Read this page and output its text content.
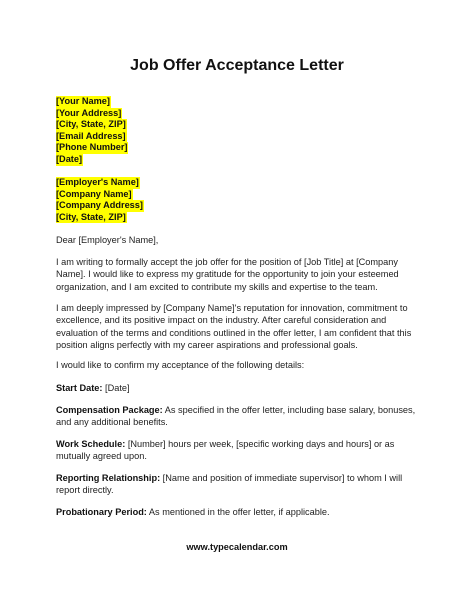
Job Offer Acceptance Letter
[Your Name]
[Your Address]
[City, State, ZIP]
[Email Address]
[Phone Number]
[Date]
[Employer's Name]
[Company Name]
[Company Address]
[City, State, ZIP]
Dear [Employer's Name],
I am writing to formally accept the job offer for the position of [Job Title] at [Company Name]. I would like to express my gratitude for the opportunity to join your esteemed organization, and I am excited to contribute my skills and expertise to the team.
I am deeply impressed by [Company Name]'s reputation for innovation, commitment to excellence, and its positive impact on the industry. After careful consideration and evaluation of the terms and conditions outlined in the offer letter, I am confident that this position aligns perfectly with my career aspirations and professional goals.
I would like to confirm my acceptance of the following details:
Start Date: [Date]
Compensation Package: As specified in the offer letter, including base salary, bonuses, and any additional benefits.
Work Schedule: [Number] hours per week, [specific working days and hours] or as mutually agreed upon.
Reporting Relationship: [Name and position of immediate supervisor] to whom I will report directly.
Probationary Period: As mentioned in the offer letter, if applicable.
www.typecalendar.com
